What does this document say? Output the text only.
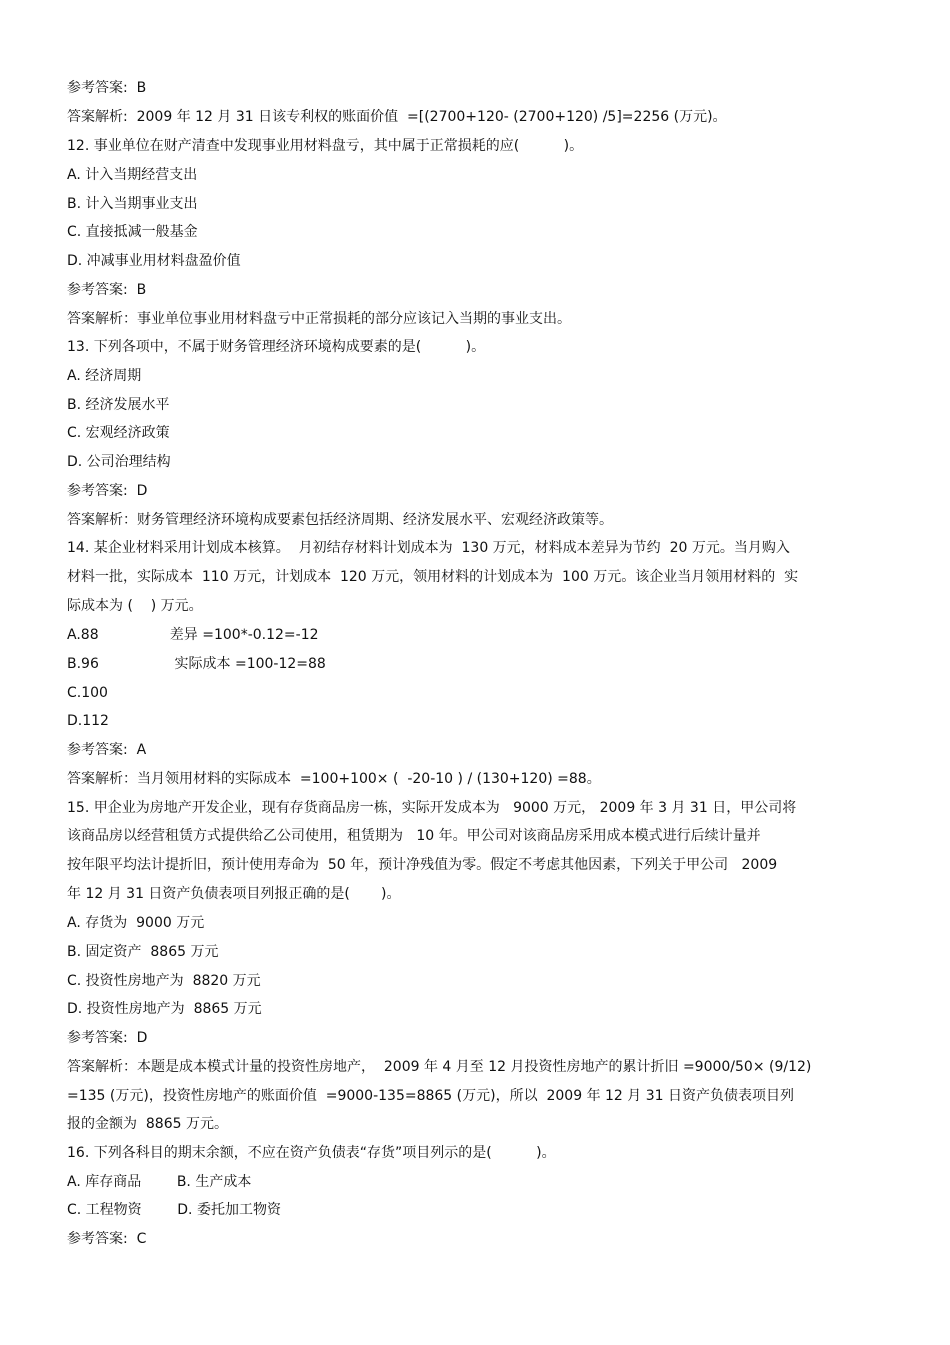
参考答案:  B
答案解析:  2009 年 12 月 31 日该专利权的账面价值  =[(2700+120- (2700+120) /5]=2256 (万元)。
12. 事业单位在财产清查中发现事业用材料盘亏，其中属于正常损耗的应(          )。
A. 计入当期经营支出
B. 计入当期事业支出
C. 直接抵减一般基金
D. 冲减事业用材料盘盈价值
参考答案:  B
答案解析：事业单位事业用材料盘亏中正常损耗的部分应该记入当期的事业支出。
13. 下列各项中，不属于财务管理经济环境构成要素的是(          )。
A. 经济周期
B. 经济发展水平
C. 宏观经济政策
D. 公司治理结构
参考答案:  D
答案解析：财务管理经济环境构成要素包括经济周期、经济发展水平、宏观经济政策等。
14. 某企业材料采用计划成本核算。  月初结存材料计划成本为  130 万元，材料成本差异为节约  20 万元。当月购入
材料一批，实际成本  110 万元，计划成本  120 万元，领用材料的计划成本为  100 万元。该企业当月领用材料的  实
际成本为 (    ) 万元。
A.88                差异 =100*-0.12=-12
B.96                 实际成本 =100-12=88
C.100
D.112
参考答案:  A
答案解析：当月领用材料的实际成本  =100+100× (  -20-10 ) / (130+120) =88。
15. 甲企业为房地产开发企业，现有存货商品房一栋，实际开发成本为   9000 万元， 2009 年 3 月 31 日，甲公司将
该商品房以经营租赁方式提供给乙公司使用，租赁期为   10 年。甲公司对该商品房采用成本模式进行后续计量并
按年限平均法计提折旧，预计使用寿命为  50 年，预计净残值为零。假定不考虑其他因素，下列关于甲公司   2009
年 12 月 31 日资产负债表项目列报正确的是(       )。
A. 存货为  9000 万元
B. 固定资产  8865 万元
C. 投资性房地产为  8820 万元
D. 投资性房地产为  8865 万元
参考答案:  D
答案解析：本题是成本模式计量的投资性房地产，  2009 年 4 月至 12 月投资性房地产的累计折旧 =9000/50× (9/12)
=135 (万元)，投资性房地产的账面价值  =9000-135=8865 (万元)，所以  2009 年 12 月 31 日资产负债表项目列
报的金额为  8865 万元。
16. 下列各科目的期末余额，不应在资产负债表“存货”项目列示的是(          )。
A. 库存商品        B. 生产成本
C. 工程物资        D. 委托加工物资
参考答案:  C
